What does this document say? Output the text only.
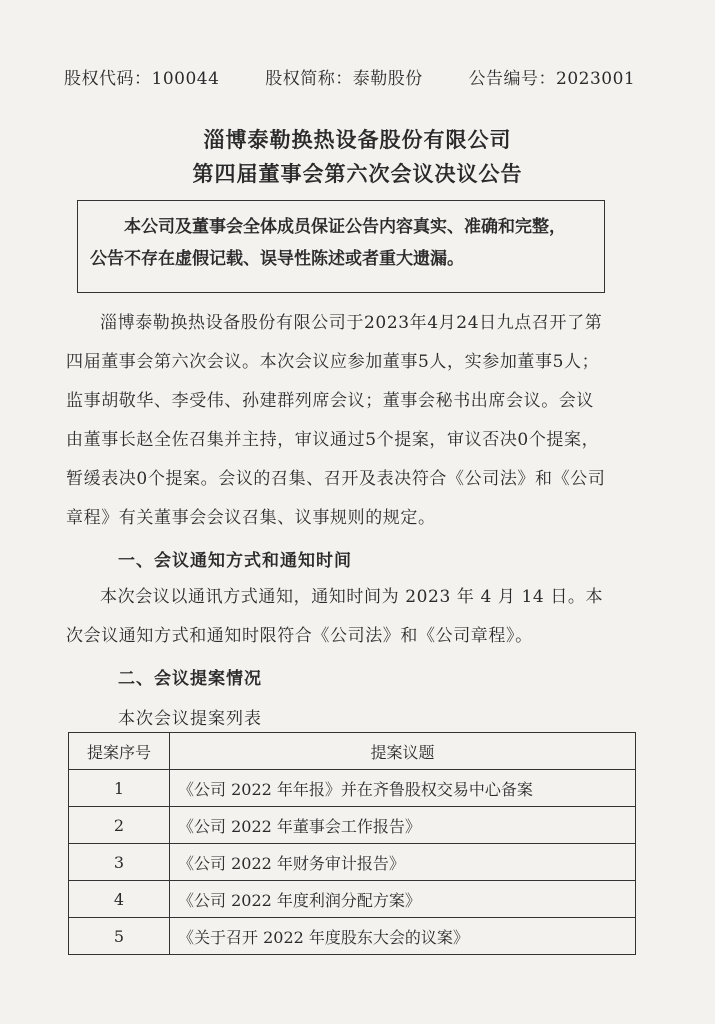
股权代码：100044	股权简称：泰勒股份	公告编号：2023001
淄博泰勒换热设备股份有限公司
第四届董事会第六次会议决议公告
本公司及董事会全体成员保证公告内容真实、准确和完整，
公告不存在虚假记载、误导性陈述或者重大遗漏。
淄博泰勒换热设备股份有限公司于2023年4月24日九点召开了第
四届董事会第六次会议。本次会议应参加董事5人，实参加董事5人；
监事胡敬华、李受伟、孙建群列席会议；董事会秘书出席会议。会议
由董事长赵全佐召集并主持，审议通过5个提案，审议否决0个提案，
暂缓表决0个提案。会议的召集、召开及表决符合《公司法》和《公司
章程》有关董事会会议召集、议事规则的规定。
一、会议通知方式和通知时间
本次会议以通讯方式通知，通知时间为 2023 年 4 月 14 日。本
次会议通知方式和通知时限符合《公司法》和《公司章程》。
二、会议提案情况
本次会议提案列表
提案序号	提案议题
1	《公司 2022 年年报》并在齐鲁股权交易中心备案
2	《公司 2022 年董事会工作报告》
3	《公司 2022 年财务审计报告》
4	《公司 2022 年度利润分配方案》
5	《关于召开 2022 年度股东大会的议案》
